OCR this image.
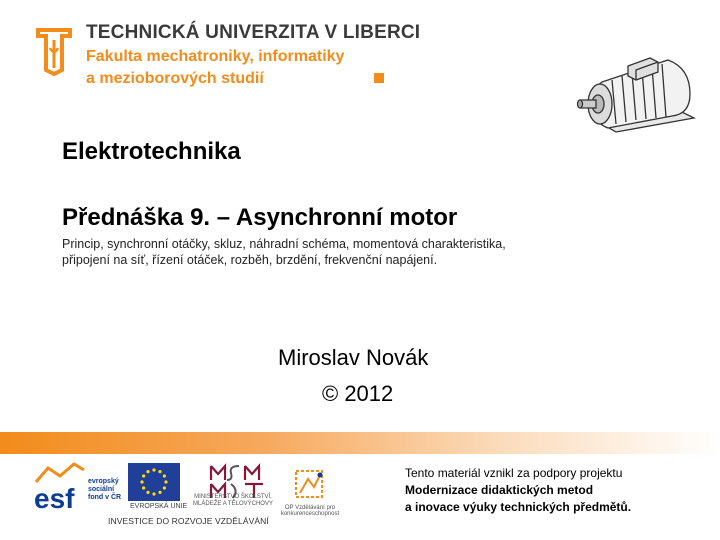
TECHNICKÁ UNIVERZITA V LIBERCI
Fakulta mechatroniky, informatiky
a mezioborových studií
Elektrotechnika
Přednáška 9. – Asynchronní motor
Princip, synchronní otáčky, skluz, náhradní schéma, momentová charakteristika, připojení na síť, řízení otáček, rozběh, brzdění, frekvenční napájení.
Miroslav Novák
© 2012
esf
evropský sociální fond v ČR
EVROPSKÁ UNIE
MINISTERSTVO ŠKOLSTVÍ, MLÁDEŽE A TĚLOVÝCHOVY
OP Vzdělávání pro konkurenceschopnost
INVESTICE DO ROZVOJE VZDĚLÁVÁNÍ
Tento materiál vznikl za podpory projektu
Modernizace didaktických metod
a inovace výuky technických předmětů.
